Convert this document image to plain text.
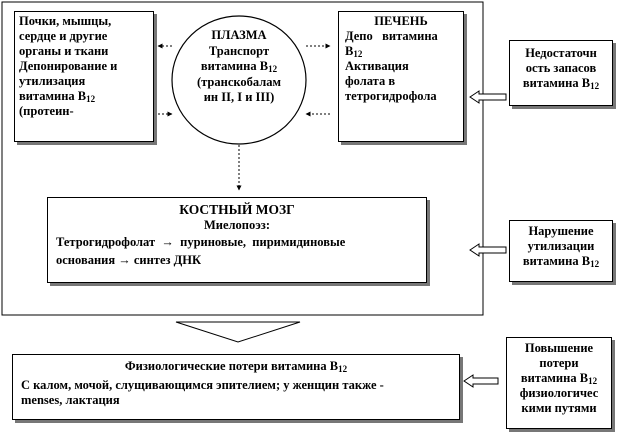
Почки, мышцы,

сердце и другие

органы и ткани

Депонирование и

утилизация

витамина $B_{12}$

(протеин-

ПЛАЗМА
Транспорт
витамина $B_{12}$
(транскобалам
ин II, I и III)

ПЕЧЕНЬ

Депо   витамина

$B_{12}$

Активация

фолата в

тетрогидрофола

КОСТНЫЙ МОЗГ

Миелопоэз:

Тетрогидрофолат  →  пуриновые,  пиримидиновые

основания → синтез ДНК

Физиологические потери витамина $B_{12}$

С калом, мочой, слущивающимся эпителием; у женщин также -

menses, лактация

Недостаточн

ость запасов

витамина $B_{12}$

Нарушение

утилизации

витамина $B_{12}$

Повышение

потери

витамина $B_{12}$

физиологичес

кими путями
